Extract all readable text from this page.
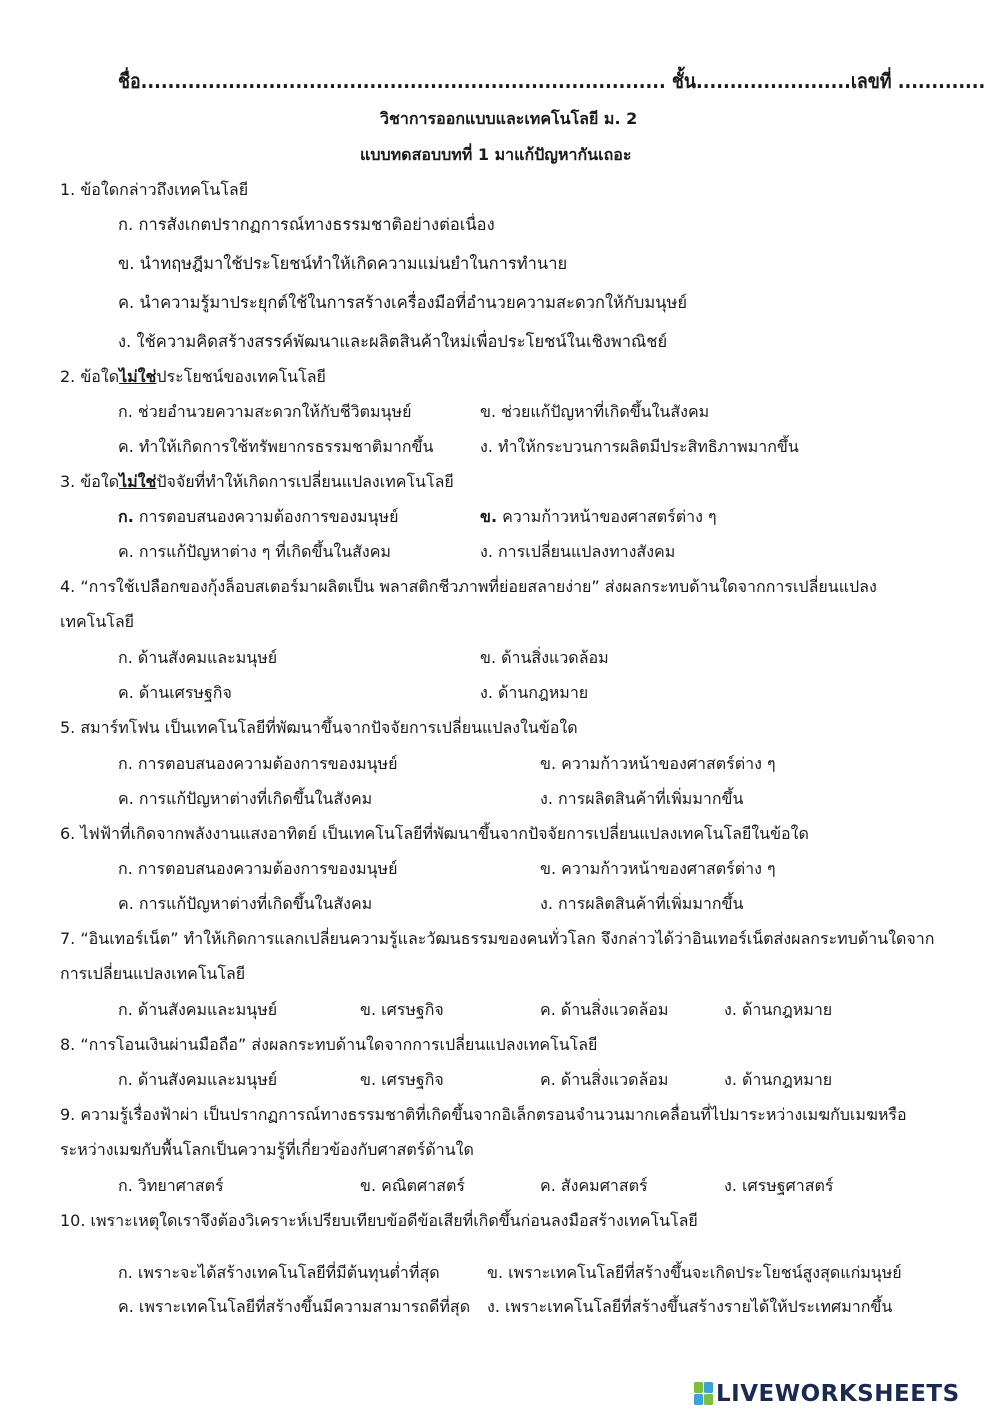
ชื่อ.............................................................................. ชั้น.......................เลขที่ .............
วิชาการออกแบบและเทคโนโลยี ม. 2
แบบทดสอบบทที่ 1 มาแก้ปัญหากันเถอะ
1. ข้อใดกล่าวถึงเทคโนโลยี
ก. การสังเกตปรากฏการณ์ทางธรรมชาติอย่างต่อเนื่อง
ข. นำทฤษฎีมาใช้ประโยชน์ทำให้เกิดความแม่นยำในการทำนาย
ค. นำความรู้มาประยุกต์ใช้ในการสร้างเครื่องมือที่อำนวยความสะดวกให้กับมนุษย์
ง. ใช้ความคิดสร้างสรรค์พัฒนาและผลิตสินค้าใหม่เพื่อประโยชน์ในเชิงพาณิชย์
2. ข้อใดไม่ใช่ประโยชน์ของเทคโนโลยี
ก. ช่วยอำนวยความสะดวกให้กับชีวิตมนุษย์	ข. ช่วยแก้ปัญหาที่เกิดขึ้นในสังคม
ค. ทำให้เกิดการใช้ทรัพยากรธรรมชาติมากขึ้น	ง. ทำให้กระบวนการผลิตมีประสิทธิภาพมากขึ้น
3. ข้อใดไม่ใช่ปัจจัยที่ทำให้เกิดการเปลี่ยนแปลงเทคโนโลยี
ก. การตอบสนองความต้องการของมนุษย์	ข. ความก้าวหน้าของศาสตร์ต่าง ๆ
ค. การแก้ปัญหาต่าง ๆ ที่เกิดขึ้นในสังคม	ง. การเปลี่ยนแปลงทางสังคม
4. “การใช้เปลือกของกุ้งล็อบสเตอร์มาผลิตเป็น พลาสติกชีวภาพที่ย่อยสลายง่าย” ส่งผลกระทบด้านใดจากการเปลี่ยนแปลง
เทคโนโลยี
ก. ด้านสังคมและมนุษย์	ข. ด้านสิ่งแวดล้อม
ค. ด้านเศรษฐกิจ	ง. ด้านกฎหมาย
5. สมาร์ทโฟน เป็นเทคโนโลยีที่พัฒนาขึ้นจากปัจจัยการเปลี่ยนแปลงในข้อใด
ก. การตอบสนองความต้องการของมนุษย์	ข. ความก้าวหน้าของศาสตร์ต่าง ๆ
ค. การแก้ปัญหาต่างที่เกิดขึ้นในสังคม	ง. การผลิตสินค้าที่เพิ่มมากขึ้น
6. ไฟฟ้าที่เกิดจากพลังงานแสงอาทิตย์ เป็นเทคโนโลยีที่พัฒนาขึ้นจากปัจจัยการเปลี่ยนแปลงเทคโนโลยีในข้อใด
ก. การตอบสนองความต้องการของมนุษย์	ข. ความก้าวหน้าของศาสตร์ต่าง ๆ
ค. การแก้ปัญหาต่างที่เกิดขึ้นในสังคม	ง. การผลิตสินค้าที่เพิ่มมากขึ้น
7. “อินเทอร์เน็ต” ทำให้เกิดการแลกเปลี่ยนความรู้และวัฒนธรรมของคนทั่วโลก จึงกล่าวได้ว่าอินเทอร์เน็ตส่งผลกระทบด้านใดจาก
การเปลี่ยนแปลงเทคโนโลยี
ก. ด้านสังคมและมนุษย์	ข. เศรษฐกิจ	ค. ด้านสิ่งแวดล้อม	ง. ด้านกฎหมาย
8. “การโอนเงินผ่านมือถือ” ส่งผลกระทบด้านใดจากการเปลี่ยนแปลงเทคโนโลยี
ก. ด้านสังคมและมนุษย์	ข. เศรษฐกิจ	ค. ด้านสิ่งแวดล้อม	ง. ด้านกฎหมาย
9. ความรู้เรื่องฟ้าผ่า เป็นปรากฏการณ์ทางธรรมชาติที่เกิดขึ้นจากอิเล็กตรอนจำนวนมากเคลื่อนที่ไปมาระหว่างเมฆกับเมฆหรือ
ระหว่างเมฆกับพื้นโลกเป็นความรู้ที่เกี่ยวข้องกับศาสตร์ด้านใด
ก. วิทยาศาสตร์	ข. คณิตศาสตร์	ค. สังคมศาสตร์	ง. เศรษฐศาสตร์
10. เพราะเหตุใดเราจึงต้องวิเคราะห์เปรียบเทียบข้อดีข้อเสียที่เกิดขึ้นก่อนลงมือสร้างเทคโนโลยี
ก. เพราะจะได้สร้างเทคโนโลยีที่มีต้นทุนต่ำที่สุด	ข. เพราะเทคโนโลยีที่สร้างขึ้นจะเกิดประโยชน์สูงสุดแก่มนุษย์
ค. เพราะเทคโนโลยีที่สร้างขึ้นมีความสามารถดีที่สุด ง. เพราะเทคโนโลยีที่สร้างขึ้นสร้างรายได้ให้ประเทศมากขึ้น
LIVEWORKSHEETS
